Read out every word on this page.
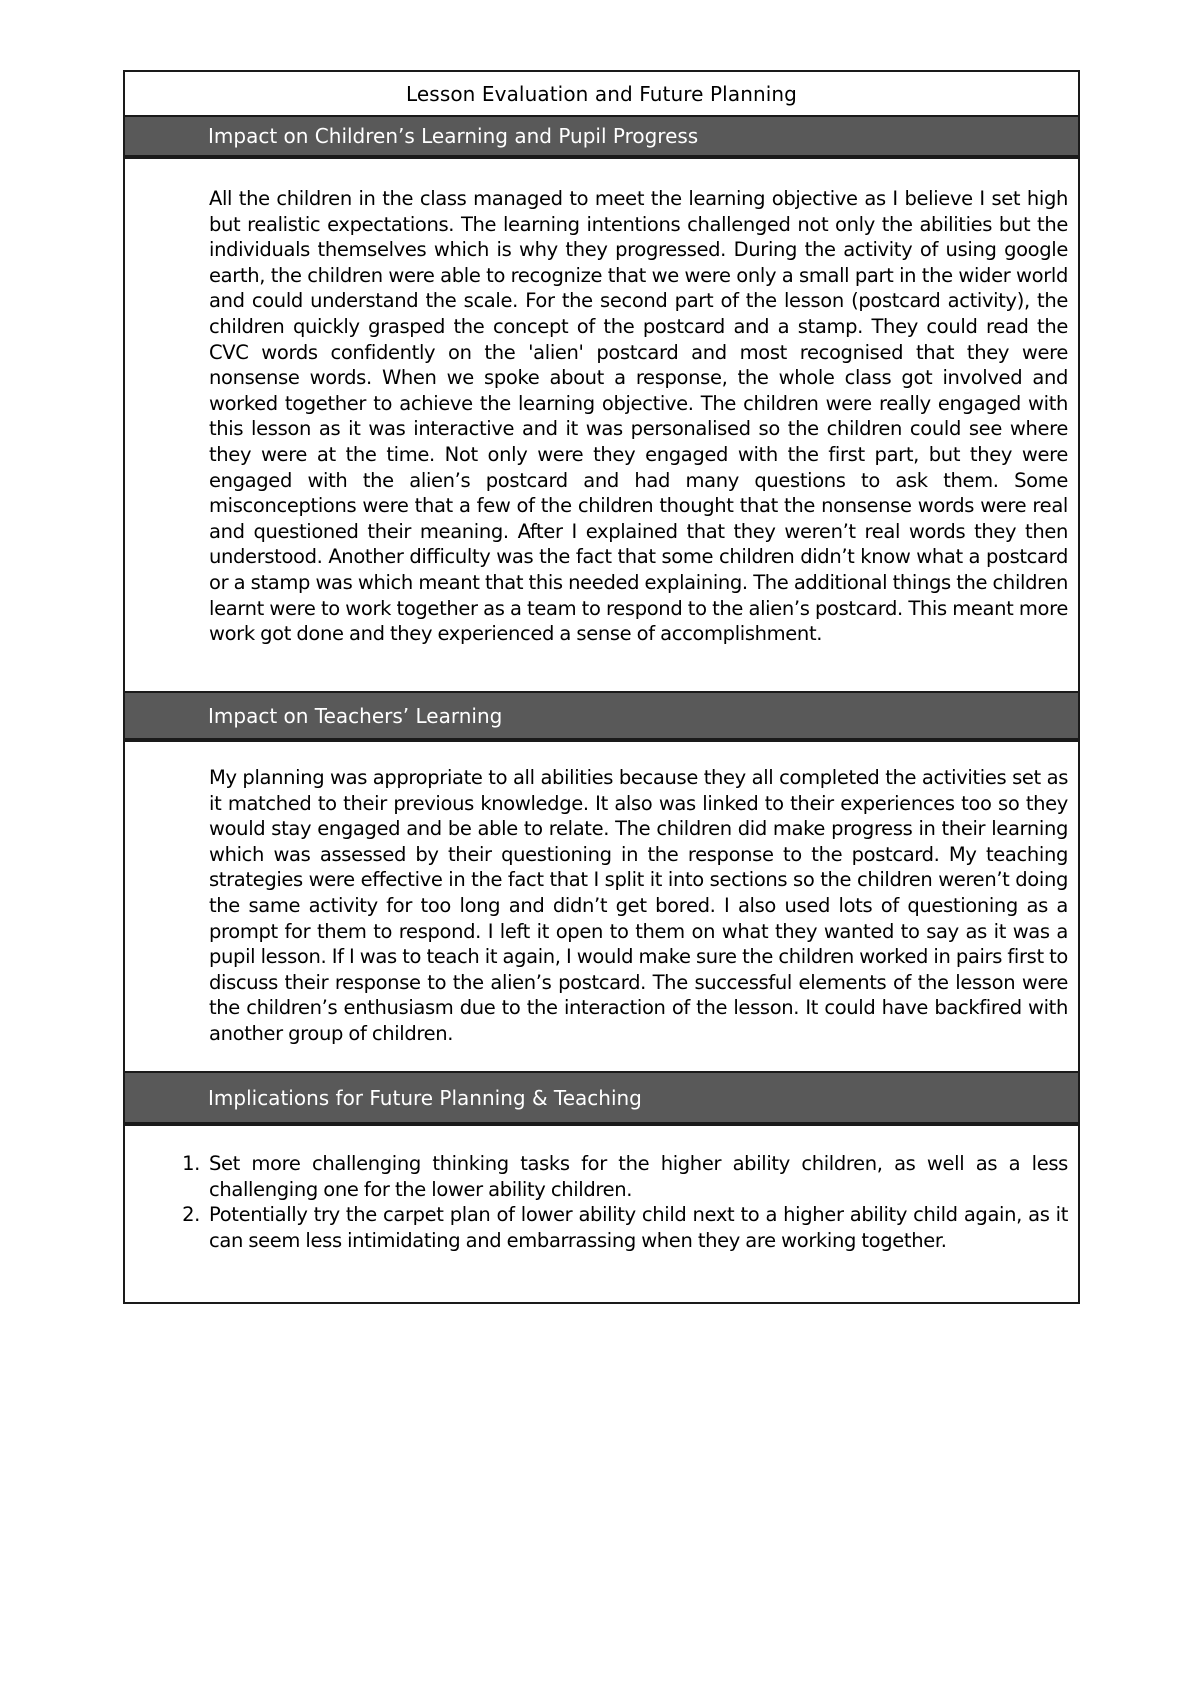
Lesson Evaluation and Future Planning
Impact on Children’s Learning and Pupil Progress

All the children in the class managed to meet the learning objective as I believe I set high but realistic expectations. The learning intentions challenged not only the abilities but the individuals themselves which is why they progressed. During the activity of using google earth, the children were able to recognize that we were only a small part in the wider world and could understand the scale. For the second part of the lesson (postcard activity), the children quickly grasped the concept of the postcard and a stamp. They could read the CVC words confidently on the 'alien' postcard and most recognised that they were nonsense words. When we spoke about a response, the whole class got involved and worked together to achieve the learning objective. The children were really engaged with this lesson as it was interactive and it was personalised so the children could see where they were at the time. Not only were they engaged with the first part, but they were engaged with the alien’s postcard and had many questions to ask them. Some misconceptions were that a few of the children thought that the nonsense words were real and questioned their meaning. After I explained that they weren’t real words they then understood. Another difficulty was the fact that some children didn’t know what a postcard or a stamp was which meant that this needed explaining. The additional things the children learnt were to work together as a team to respond to the alien’s postcard. This meant more work got done and they experienced a sense of accomplishment.

Impact on Teachers’ Learning

My planning was appropriate to all abilities because they all completed the activities set as it matched to their previous knowledge. It also was linked to their experiences too so they would stay engaged and be able to relate. The children did make progress in their learning which was assessed by their questioning in the response to the postcard. My teaching strategies were effective in the fact that I split it into sections so the children weren’t doing the same activity for too long and didn’t get bored. I also used lots of questioning as a prompt for them to respond. I left it open to them on what they wanted to say as it was a pupil lesson. If I was to teach it again, I would make sure the children worked in pairs first to discuss their response to the alien’s postcard. The successful elements of the lesson were the children’s enthusiasm due to the interaction of the lesson. It could have backfired with another group of children.

Implications for Future Planning & Teaching
1. Set more challenging thinking tasks for the higher ability children, as well as a less challenging one for the lower ability children.
2. Potentially try the carpet plan of lower ability child next to a higher ability child again, as it can seem less intimidating and embarrassing when they are working together.
